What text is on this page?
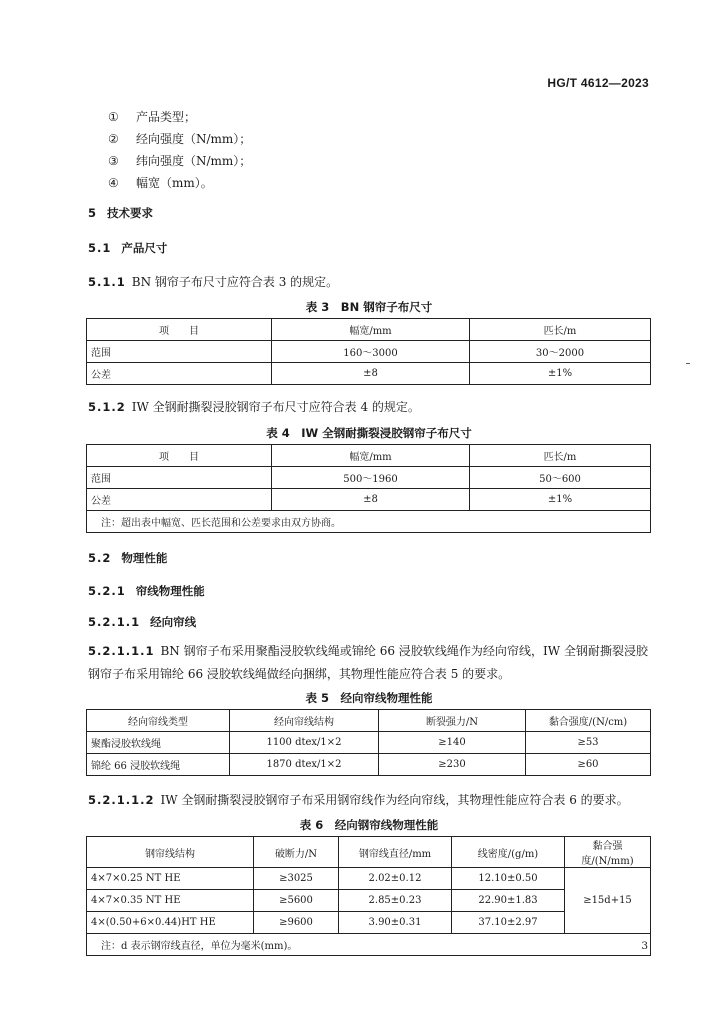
HG/T 4612—2023
①	产品类型；
②	经向强度（N/mm）；
③	纬向强度（N/mm）；
④	幅宽（mm）。
5 技术要求
5.1 产品尺寸
5.1.1 BN 钢帘子布尺寸应符合表 3 的规定。
表 3　BN 钢帘子布尺寸
项　　目	幅宽/mm	匹长/m
范围	160～3000	30～2000
公差	±8	±1%
5.1.2 IW 全钢耐撕裂浸胶钢帘子布尺寸应符合表 4 的规定。
表 4　IW 全钢耐撕裂浸胶钢帘子布尺寸
项　　目	幅宽/mm	匹长/m
范围	500～1960	50～600
公差	±8	±1%
注：超出表中幅宽、匹长范围和公差要求由双方协商。		
5.2 物理性能
5.2.1 帘线物理性能
5.2.1.1 经向帘线
5.2.1.1.1 BN 钢帘子布采用聚酯浸胶软线绳或锦纶 66 浸胶软线绳作为经向帘线，IW 全钢耐撕裂浸胶钢帘子布采用锦纶 66 浸胶软线绳做经向捆绑，其物理性能应符合表 5 的要求。
表 5　经向帘线物理性能
经向帘线类型	经向帘线结构	断裂强力/N	黏合强度/(N/cm)
聚酯浸胶软线绳	1100 dtex/1×2	≥140	≥53
锦纶 66 浸胶软线绳	1870 dtex/1×2	≥230	≥60
5.2.1.1.2 IW 全钢耐撕裂浸胶钢帘子布采用钢帘线作为经向帘线，其物理性能应符合表 6 的要求。
表 6　经向钢帘线物理性能
钢帘线结构	破断力/N	钢帘线直径/mm	线密度/(g/m)	黏合强度/(N/mm)
4×7×0.25 NT HE	≥3025	2.02±0.12	12.10±0.50	≥15d+15
4×7×0.35 NT HE	≥5600	2.85±0.23	22.90±1.83	
4×(0.50+6×0.44)HT HE	≥9600	3.90±0.31	37.10±2.97	
注：d 表示钢帘线直径，单位为毫米(mm)。					3
